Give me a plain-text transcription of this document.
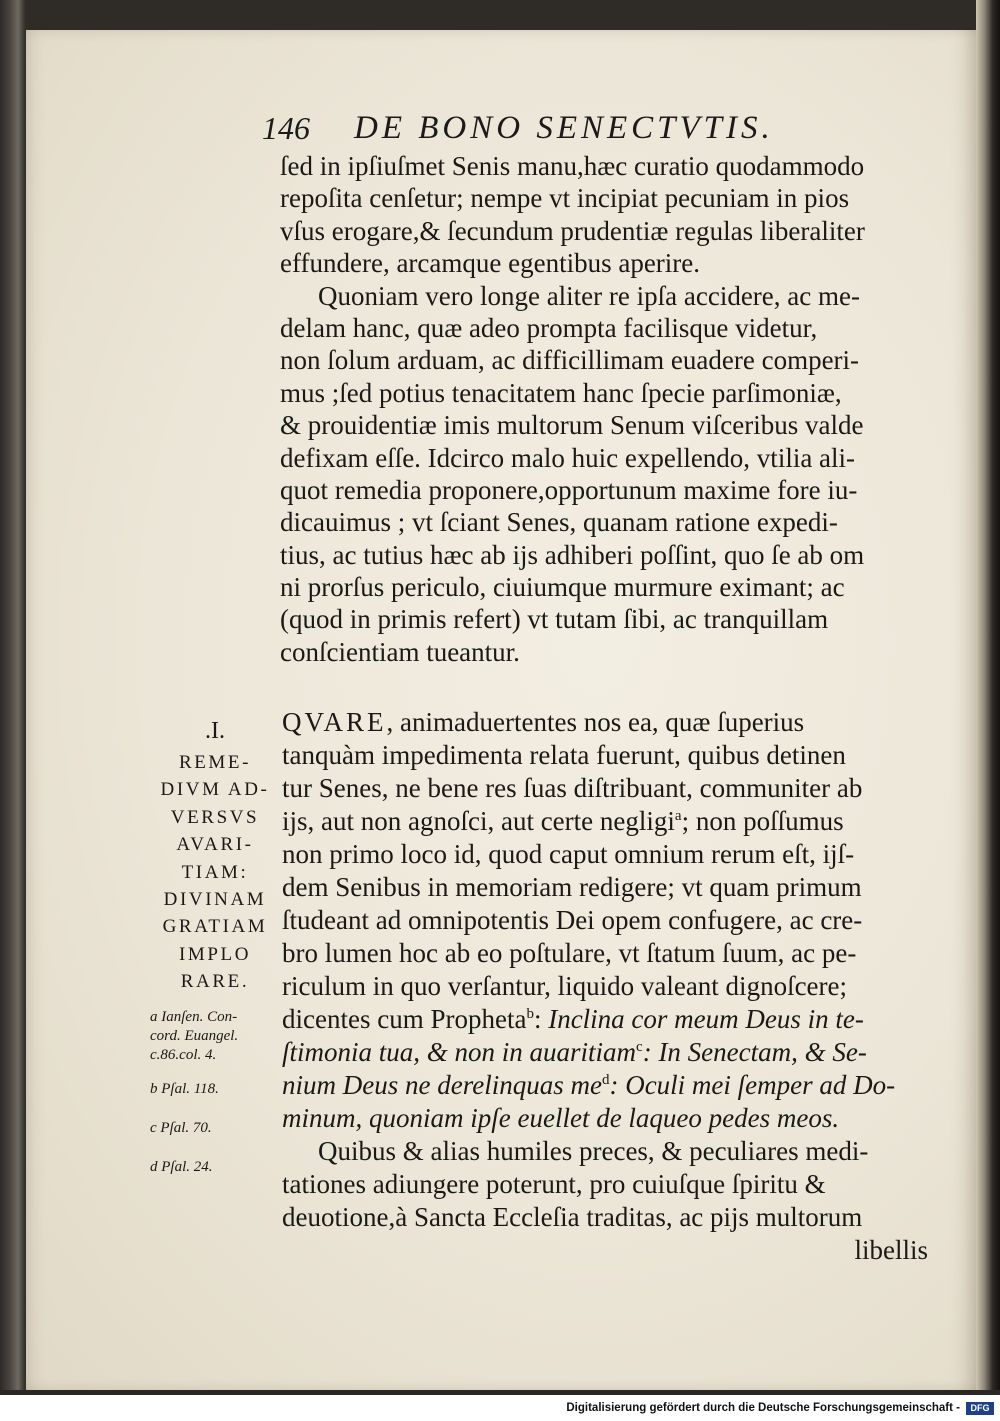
146 DE BONO SENECTVTIS.
ſed in ipſiuſmet Senis manu,hæc curatio quodammodo
repoſita cenſetur; nempe vt incipiat pecuniam in pios
vſus erogare,& ſecundum prudentiæ regulas liberaliter
effundere, arcamque egentibus aperire.
Quoniam vero longe aliter re ipſa accidere, ac me-
delam hanc, quæ adeo prompta facilisque videtur,
non ſolum arduam, ac difficillimam euadere comperi-
mus ;ſed potius tenacitatem hanc ſpecie parſimoniæ,
& prouidentiæ imis multorum Senum viſceribus valde
defixam eſſe. Idcirco malo huic expellendo, vtilia ali-
quot remedia proponere,opportunum maxime fore iu-
dicauimus ; vt ſciant Senes, quanam ratione expedi-
tius, ac tutius hæc ab ijs adhiberi poſſint, quo ſe ab om
ni prorſus periculo, ciuiumque murmure eximant; ac
(quod in primis refert) vt tutam ſibi, ac tranquillam
conſcientiam tueantur.
.I.
REME-
DIVM AD-
VERSVS
AVARI-
TIAM:
DIVINAM
GRATIAM
IMPLO
RARE.
a Ianſen. Con-
cord. Euangel.
c.86.col. 4.
b Pſal. 118.
c Pſal. 70.
d Pſal. 24.
QVARE, animaduertentes nos ea, quæ ſuperius
tanquàm impedimenta relata fuerunt, quibus detinen
tur Senes, ne bene res ſuas diſtribuant, communiter ab
ijs, aut non agnoſci, aut certe negligi$^a$; non poſſumus
non primo loco id, quod caput omnium rerum eſt, ijſ-
dem Senibus in memoriam redigere; vt quam primum
ſtudeant ad omnipotentis Dei opem confugere, ac cre-
bro lumen hoc ab eo poſtulare, vt ſtatum ſuum, ac pe-
riculum in quo verſantur, liquido valeant dignoſcere;
dicentes cum Propheta$^b$: Inclina cor meum Deus in te-
ſtimonia tua, & non in auaritiam$^c$: In Senectam, & Se-
nium Deus ne derelinquas $me^d$: Oculi mei ſemper ad Do-
minum, quoniam ipſe euellet de laqueo pedes meos.
Quibus & alias humiles preces, & peculiares medi-
tationes adiungere poterunt, pro cuiuſque ſpiritu &
deuotione,à Sancta Eccleſia traditas, ac pijs multorum
libellis
Digitalisierung gefördert durch die Deutsche Forschungsgemeinschaft -	DFG
